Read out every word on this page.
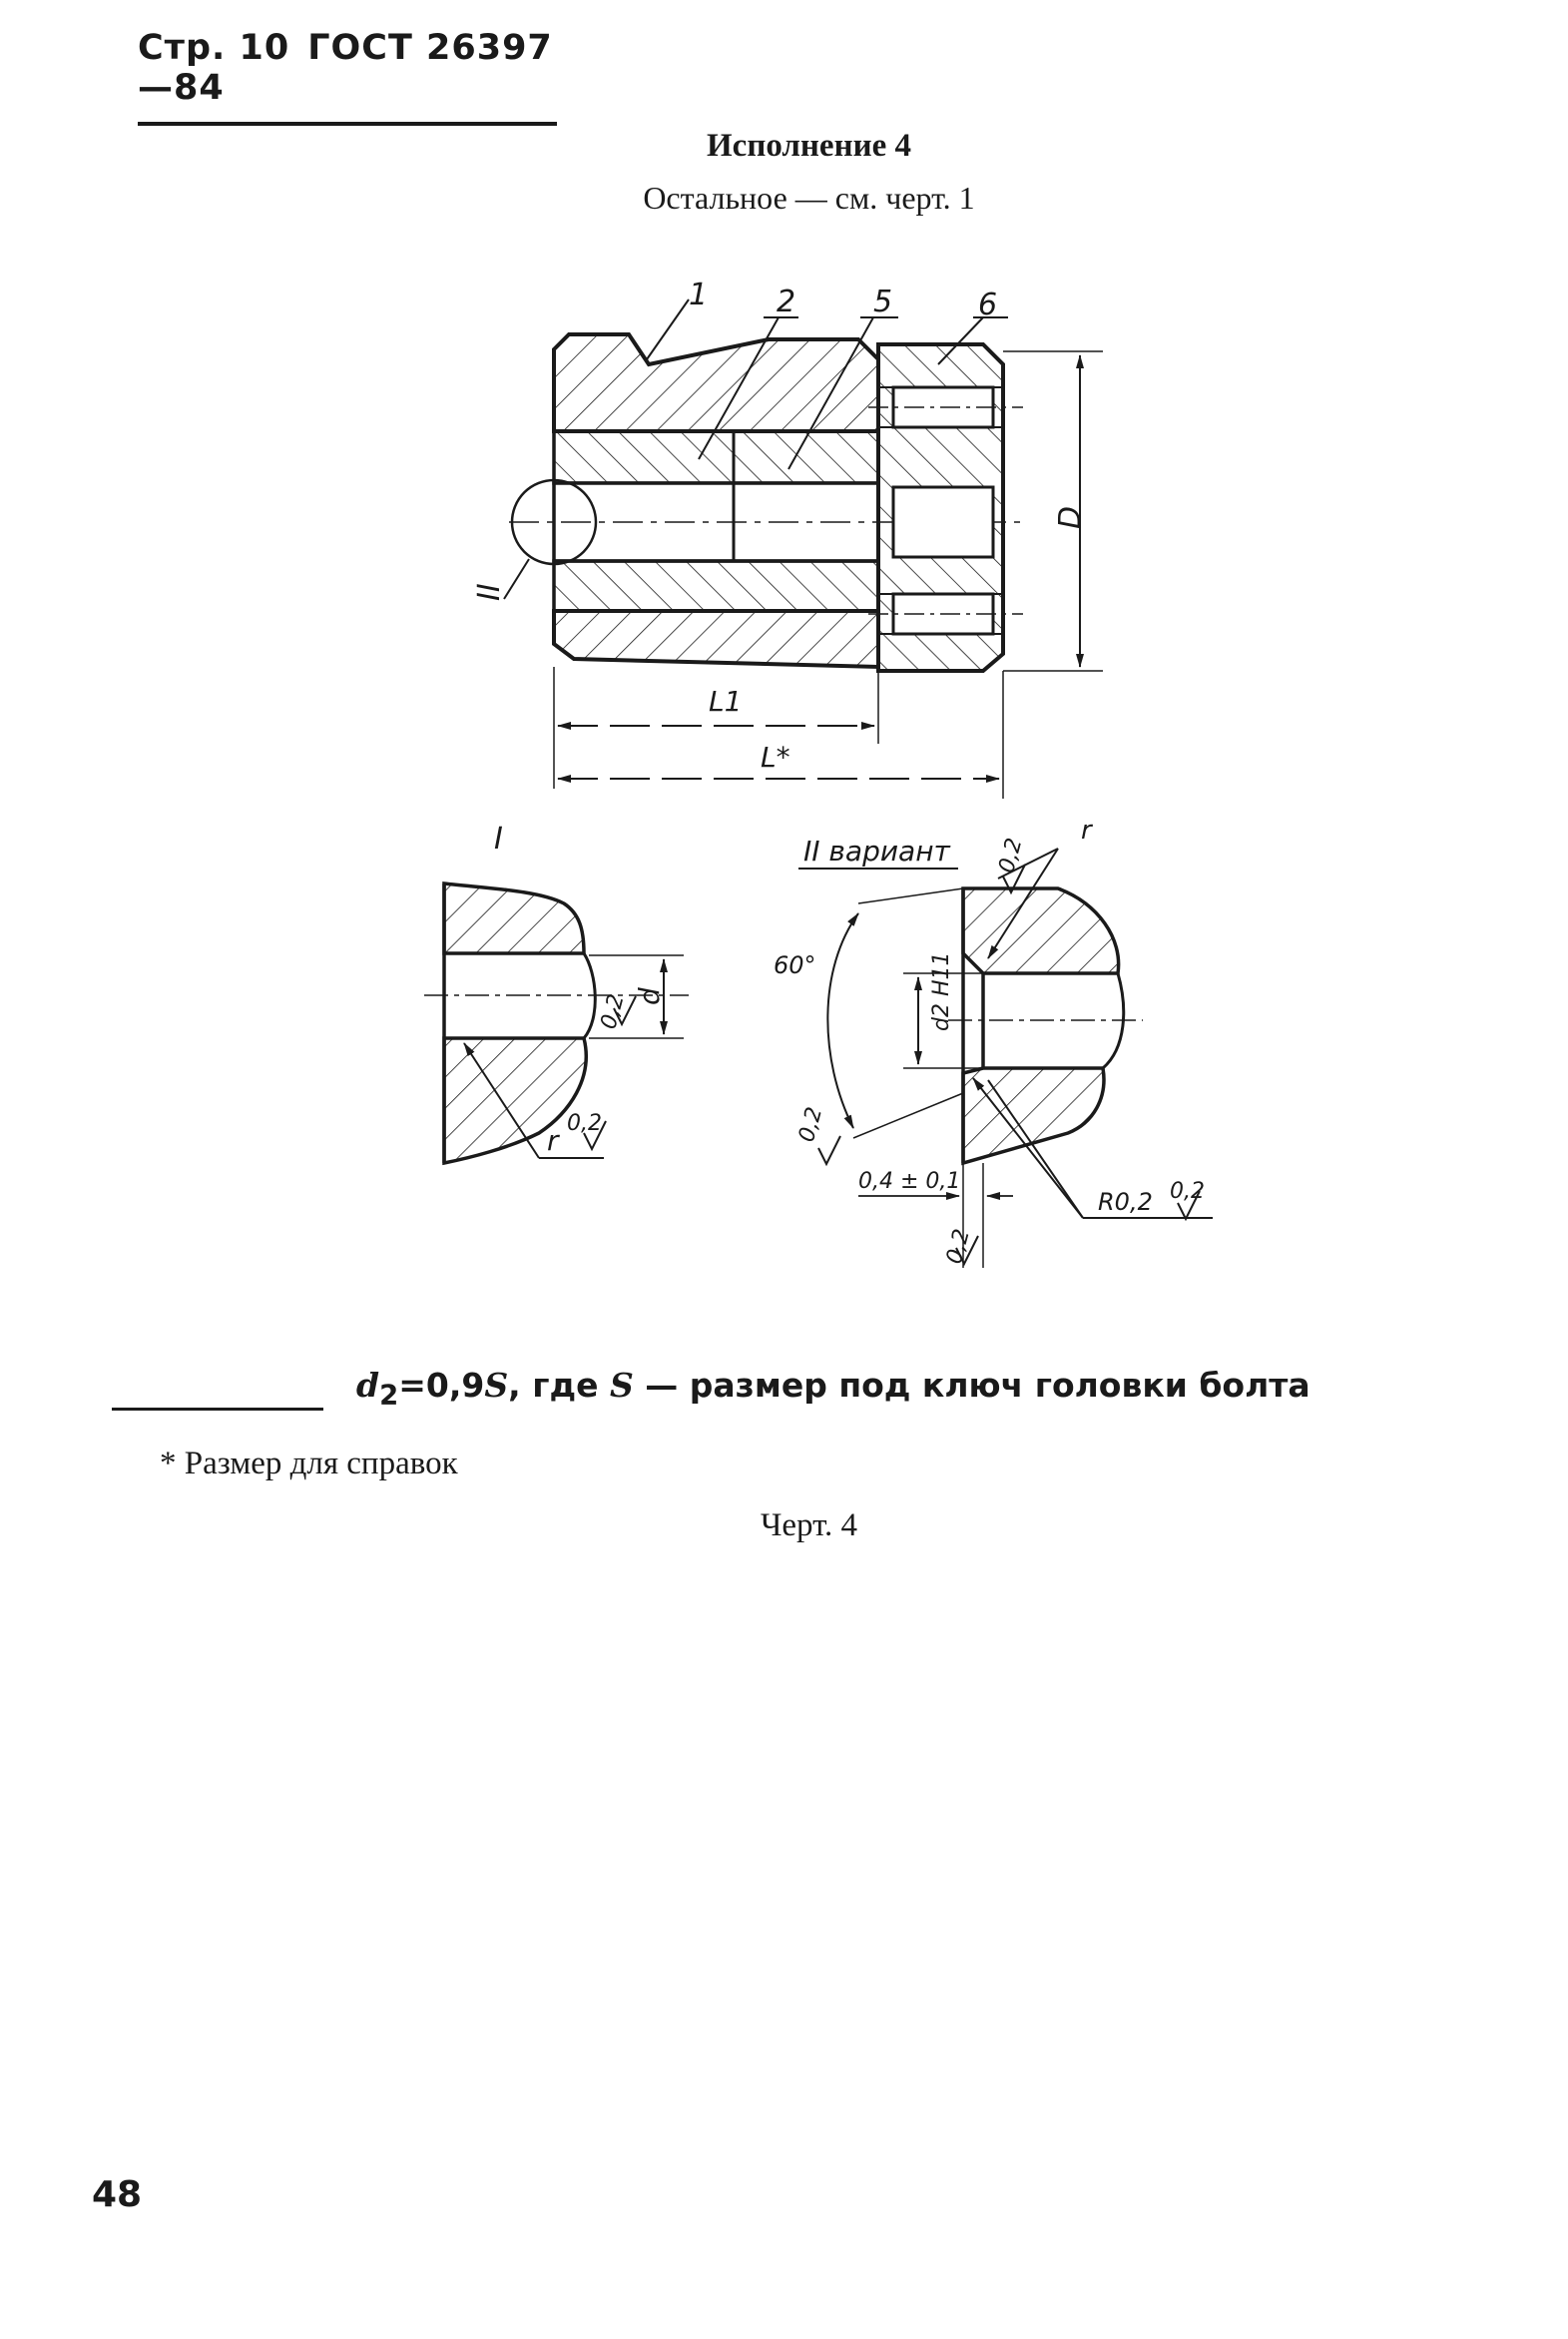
Стр. 10 ГОСТ 26397—84
Исполнение 4
Остальное — см. черт. 1
1 2	5	6
II
D
L1
L*
I
d
0,2
r
0,2
II вариант
60°	d2 H11
0,4 ± 0,1
R0,2
r
0,2
0,2
0,2
0,2
$d_2=0,9S$, где S — размер под ключ головки болта
* Размер для справок
Черт. 4
48
